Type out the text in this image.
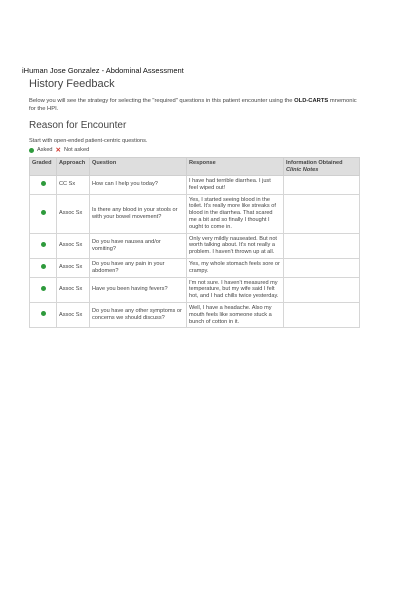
iHuman Jose Gonzalez - Abdominal Assessment
History Feedback
Below you will see the strategy for selecting the "required" questions in this patient encounter using the OLD-CARTS mnemonic for the HPI.
Reason for Encounter
Start with open-ended patient-centric questions.
Asked ✕ Not asked
Graded	Approach	Question	Response	Information Obtained
Clinic Notes

	CC Sx	How can I help you today?	I have had terrible diarrhea. I just feel wiped out!	
	Assoc Sx	Is there any blood in your stools or with your bowel movement?	Yes, I started seeing blood in the toilet. It's really more like streaks of blood in the diarrhea. That scared me a bit and so finally I thought I ought to come in.	
	Assoc Sx	Do you have nausea and/or vomiting?	Only very mildly nauseated. But not worth talking about. It's not really a problem. I haven't thrown up at all.	
	Assoc Sx	Do you have any pain in your abdomen?	Yes, my whole stomach feels sore or crampy.	
	Assoc Sx	Have you been having fevers?	I'm not sure. I haven't measured my temperature, but my wife said I felt hot, and I had chills twice yesterday.	
	Assoc Sx	Do you have any other symptoms or concerns we should discuss?	Well, I have a headache. Also my mouth feels like someone stuck a bunch of cotton in it.	
